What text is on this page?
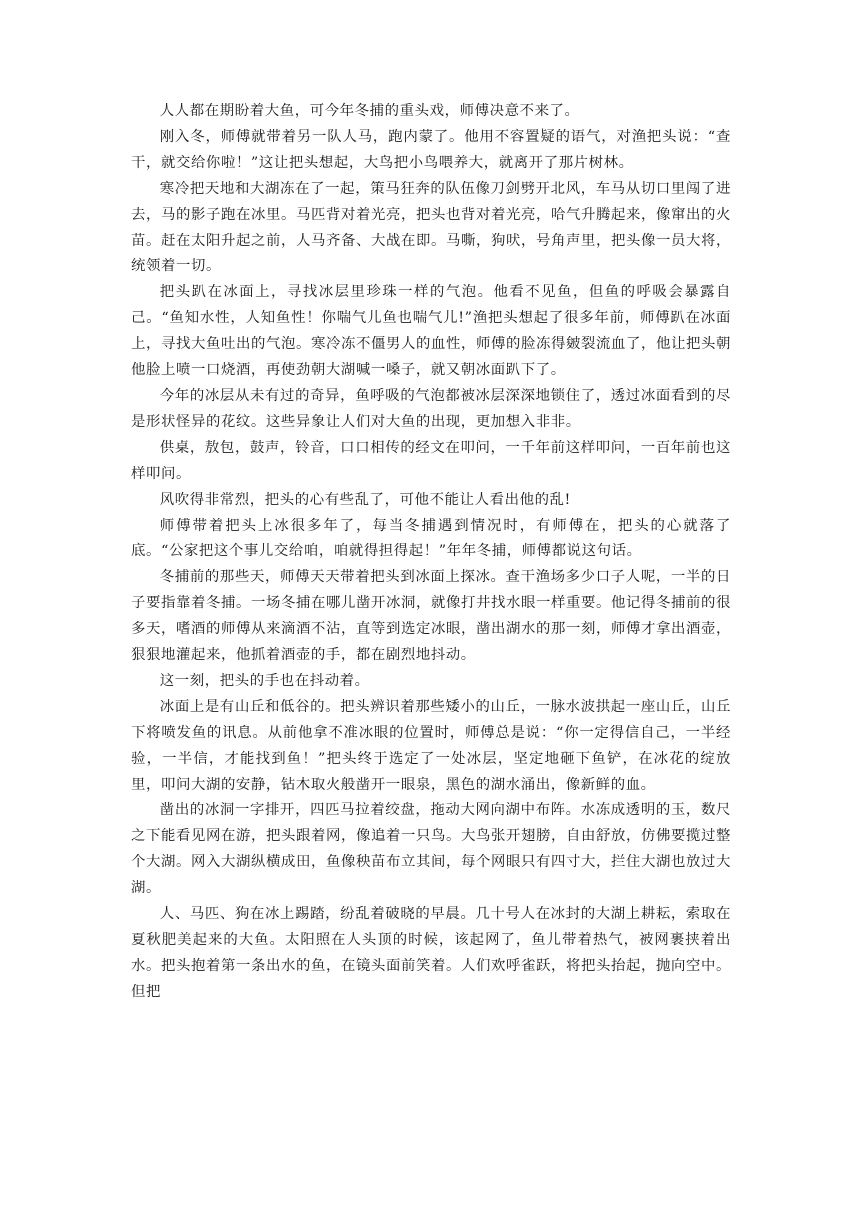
人人都在期盼着大鱼，可今年冬捕的重头戏，师傅决意不来了。

刚入冬，师傅就带着另一队人马，跑内蒙了。他用不容置疑的语气，对渔把头说：“查干，就交给你啦！”这让把头想起，大鸟把小鸟喂养大，就离开了那片树林。

寒冷把天地和大湖冻在了一起，策马狂奔的队伍像刀剑劈开北风，车马从切口里闯了进去，马的影子跑在冰里。马匹背对着光亮，把头也背对着光亮，哈气升腾起来，像窜出的火苗。赶在太阳升起之前，人马齐备、大战在即。马嘶，狗吠，号角声里，把头像一员大将，统领着一切。

把头趴在冰面上，寻找冰层里珍珠一样的气泡。他看不见鱼，但鱼的呼吸会暴露自己。“鱼知水性，人知鱼性！你喘气儿鱼也喘气儿!”渔把头想起了很多年前，师傅趴在冰面上，寻找大鱼吐出的气泡。寒冷冻不僵男人的血性，师傅的脸冻得皴裂流血了，他让把头朝他脸上喷一口烧酒，再使劲朝大湖喊一嗓子，就又朝冰面趴下了。

今年的冰层从未有过的奇异，鱼呼吸的气泡都被冰层深深地锁住了，透过冰面看到的尽是形状怪异的花纹。这些异象让人们对大鱼的出现，更加想入非非。

供桌，敖包，鼓声，铃音，口口相传的经文在叩问，一千年前这样叩问，一百年前也这样叩问。

风吹得非常烈，把头的心有些乱了，可他不能让人看出他的乱!

师傅带着把头上冰很多年了，每当冬捕遇到情况时，有师傅在，把头的心就落了底。“公家把这个事儿交给咱，咱就得担得起！”年年冬捕，师傅都说这句话。

冬捕前的那些天，师傅天天带着把头到冰面上探冰。查干渔场多少口子人呢，一半的日子要指靠着冬捕。一场冬捕在哪儿凿开冰洞，就像打井找水眼一样重要。他记得冬捕前的很多天，嗜酒的师傅从来滴酒不沾，直等到选定冰眼，凿出湖水的那一刻，师傅才拿出酒壶，狠狠地灌起来，他抓着酒壶的手，都在剧烈地抖动。

这一刻，把头的手也在抖动着。

冰面上是有山丘和低谷的。把头辨识着那些矮小的山丘，一脉水波拱起一座山丘，山丘下将喷发鱼的讯息。从前他拿不准冰眼的位置时，师傅总是说：“你一定得信自己，一半经验，一半信，才能找到鱼！”把头终于选定了一处冰层，坚定地砸下鱼铲，在冰花的绽放里，叩问大湖的安静，钻木取火般凿开一眼泉，黑色的湖水涌出，像新鲜的血。

凿出的冰洞一字排开，四匹马拉着绞盘，拖动大网向湖中布阵。水冻成透明的玉，数尺之下能看见网在游，把头跟着网，像追着一只鸟。大鸟张开翅膀，自由舒放，仿佛要揽过整个大湖。网入大湖纵横成田，鱼像秧苗布立其间，每个网眼只有四寸大，拦住大湖也放过大湖。

人、马匹、狗在冰上踢踏，纷乱着破晓的早晨。几十号人在冰封的大湖上耕耘，索取在夏秋肥美起来的大鱼。太阳照在人头顶的时候，该起网了，鱼儿带着热气，被网裹挟着出水。把头抱着第一条出水的鱼，在镜头面前笑着。人们欢呼雀跃，将把头抬起，抛向空中。但把
